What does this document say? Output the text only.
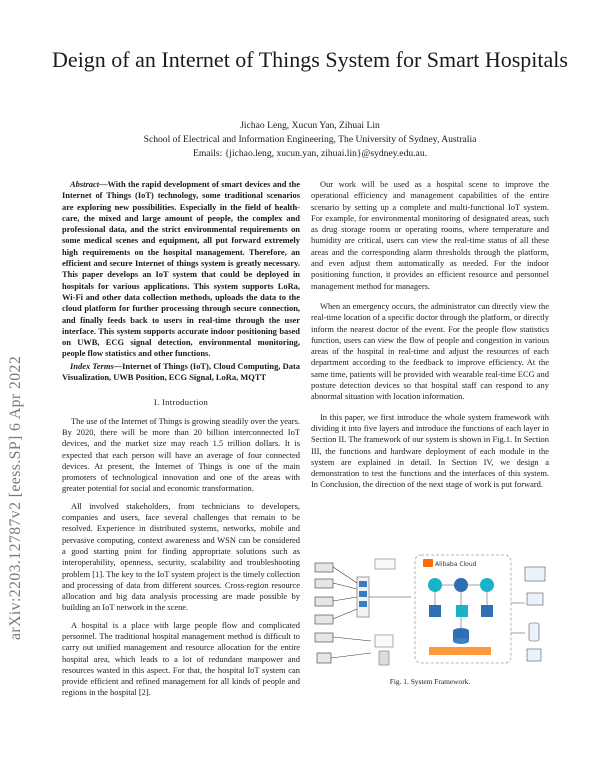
arXiv:2203.12787v2 [eess.SP] 6 Apr 2022
Deign of an Internet of Things System for Smart Hospitals
Jichao Leng, Xucun Yan, Zihuai Lin
School of Electrical and Information Engineering, The University of Sydney, Australia
Emails: {jichao.leng, xucun.yan, zihuai.lin}@sydney.edu.au.

Abstract—With the rapid development of smart devices and the Internet of Things (IoT) technology, some traditional scenarios are exploring new possibilities. Especially in the field of health-care, the mixed and large amount of people, the complex and professional data, and the strict environmental requirements on some medical scenes and equipment, all put forward extremely high requirements on the hospital management. Therefore, an efficient and secure Internet of things system is greatly necessary. This paper develops an IoT system that could be deployed in hospitals for various applications. This system supports LoRa, Wi-Fi and other data collection methods, uploads the data to the cloud platform for further processing through secure connection, and finally feeds back to users in real-time through the user interface. This system supports accurate indoor positioning based on UWB, ECG signal detection, environmental monitoring, people flow statistics and other functions.

Index Terms—Internet of Things (IoT), Cloud Computing, Data Visualization, UWB Position, ECG Signal, LoRa, MQTT

I. Introduction

The use of the Internet of Things is growing steadily over the years. By 2020, there will be more than 20 billion interconnected IoT devices, and the market size may reach 1.5 trillion dollars. It is expected that each person will have an average of four connected devices. At present, the Internet of Things is one of the main promoters of technological innovation and one of the areas with greater potential for social and economic transformation.

All involved stakeholders, from technicians to developers, companies and users, face several challenges that remain to be resolved. Experience in distributed systems, networks, mobile and pervasive computing, context awareness and WSN can be considered a good starting point for finding appropriate solutions such as interoperability, openness, security, scalability and troubleshooting problem [1]. The key to the IoT system project is the timely collection and processing of data from different sources. Cross-region resource allocation and big data analysis processing are made possible by building an IoT network in the scene.

A hospital is a place with large people flow and complicated personnel. The traditional hospital management method is difficult to carry out unified management and resource allocation for the entire hospital area, which leads to a lot of redundant manpower and resources wasted in this aspect. For that, the hospital IoT system can provide efficient and refined management for all kinds of people and regions in the hospital [2].

Our work will be used as a hospital scene to improve the operational efficiency and management capabilities of the entire scenario by setting up a complete and multi-functional IoT system. For example, for environmental monitoring of designated areas, such as drug storage rooms or operating rooms, where temperature and humidity are critical, users can view the real-time status of all these areas and the corresponding alarm thresholds through the platform, and even adjust them automatically as needed. For the indoor positioning function, it provides an efficient resource and personnel management method for managers.

When an emergency occurs, the administrator can directly view the real-time location of a specific doctor through the platform, or directly inform the nearest doctor of the event. For the people flow statistics function, users can view the flow of people and congestion in various areas of the hospital in real-time and adjust the resources of each department according to the feedback to improve efficiency. At the same time, patients will be provided with wearable real-time ECG and posture detection devices so that hospital staff can respond to any abnormal situation with location information.

In this paper, we first introduce the whole system framework with dividing it into five layers and introduce the functions of each layer in Section II. The framework of our system is shown in Fig.1. In Section III, the functions and hardware deployment of each module in the system are explained in detail. In Section IV, we design a demonstration to test the functions and the interfaces of this system. In Conclusion, the direction of the next stage of work is put forward.

Alibaba Cloud
Fig. 1. System Framework.
